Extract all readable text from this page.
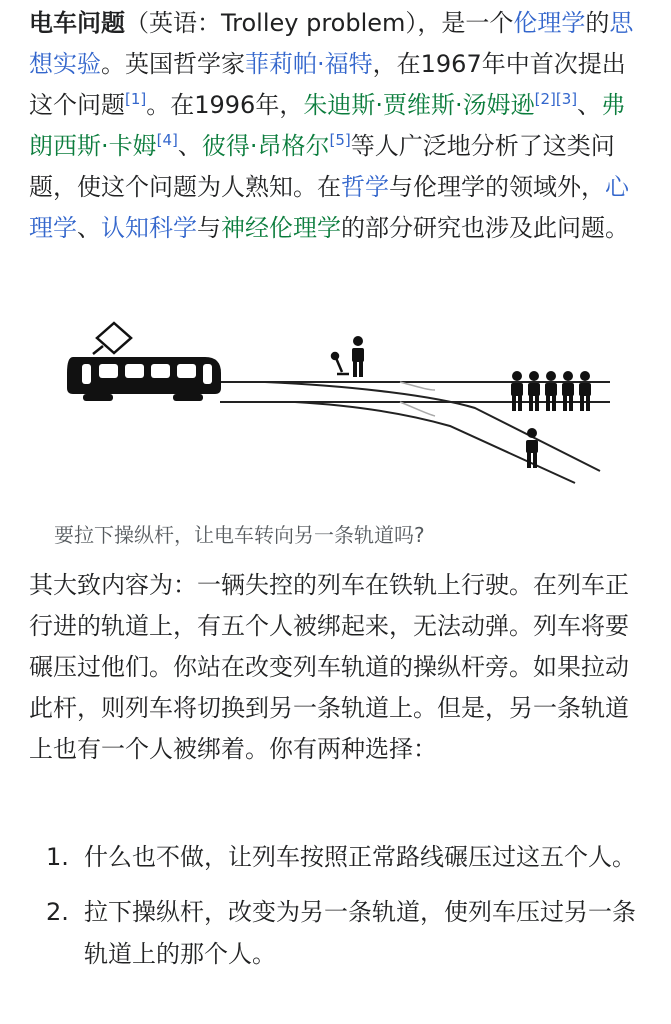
电车问题（英语：Trolley problem），是一个伦理学的思想实验。英国哲学家菲莉帕·福特，在1967年中首次提出这个问题[1]。在1996年，朱迪斯·贾维斯·汤姆逊[2][3]、弗朗西斯·卡姆[4]、彼得·昂格尔[5]等人广泛地分析了这类问题，使这个问题为人熟知。在哲学与伦理学的领域外，心理学、认知科学与神经伦理学的部分研究也涉及此问题。

要拉下操纵杆，让电车转向另一条轨道吗?

其大致内容为：一辆失控的列车在铁轨上行驶。在列车正行进的轨道上，有五个人被绑起来，无法动弹。列车将要碾压过他们。你站在改变列车轨道的操纵杆旁。如果拉动此杆，则列车将切换到另一条轨道上。但是，另一条轨道上也有一个人被绑着。你有两种选择：

1. 什么也不做，让列车按照正常路线碾压过这五个人。
2. 拉下操纵杆，改变为另一条轨道，使列车压过另一条轨道上的那个人。
